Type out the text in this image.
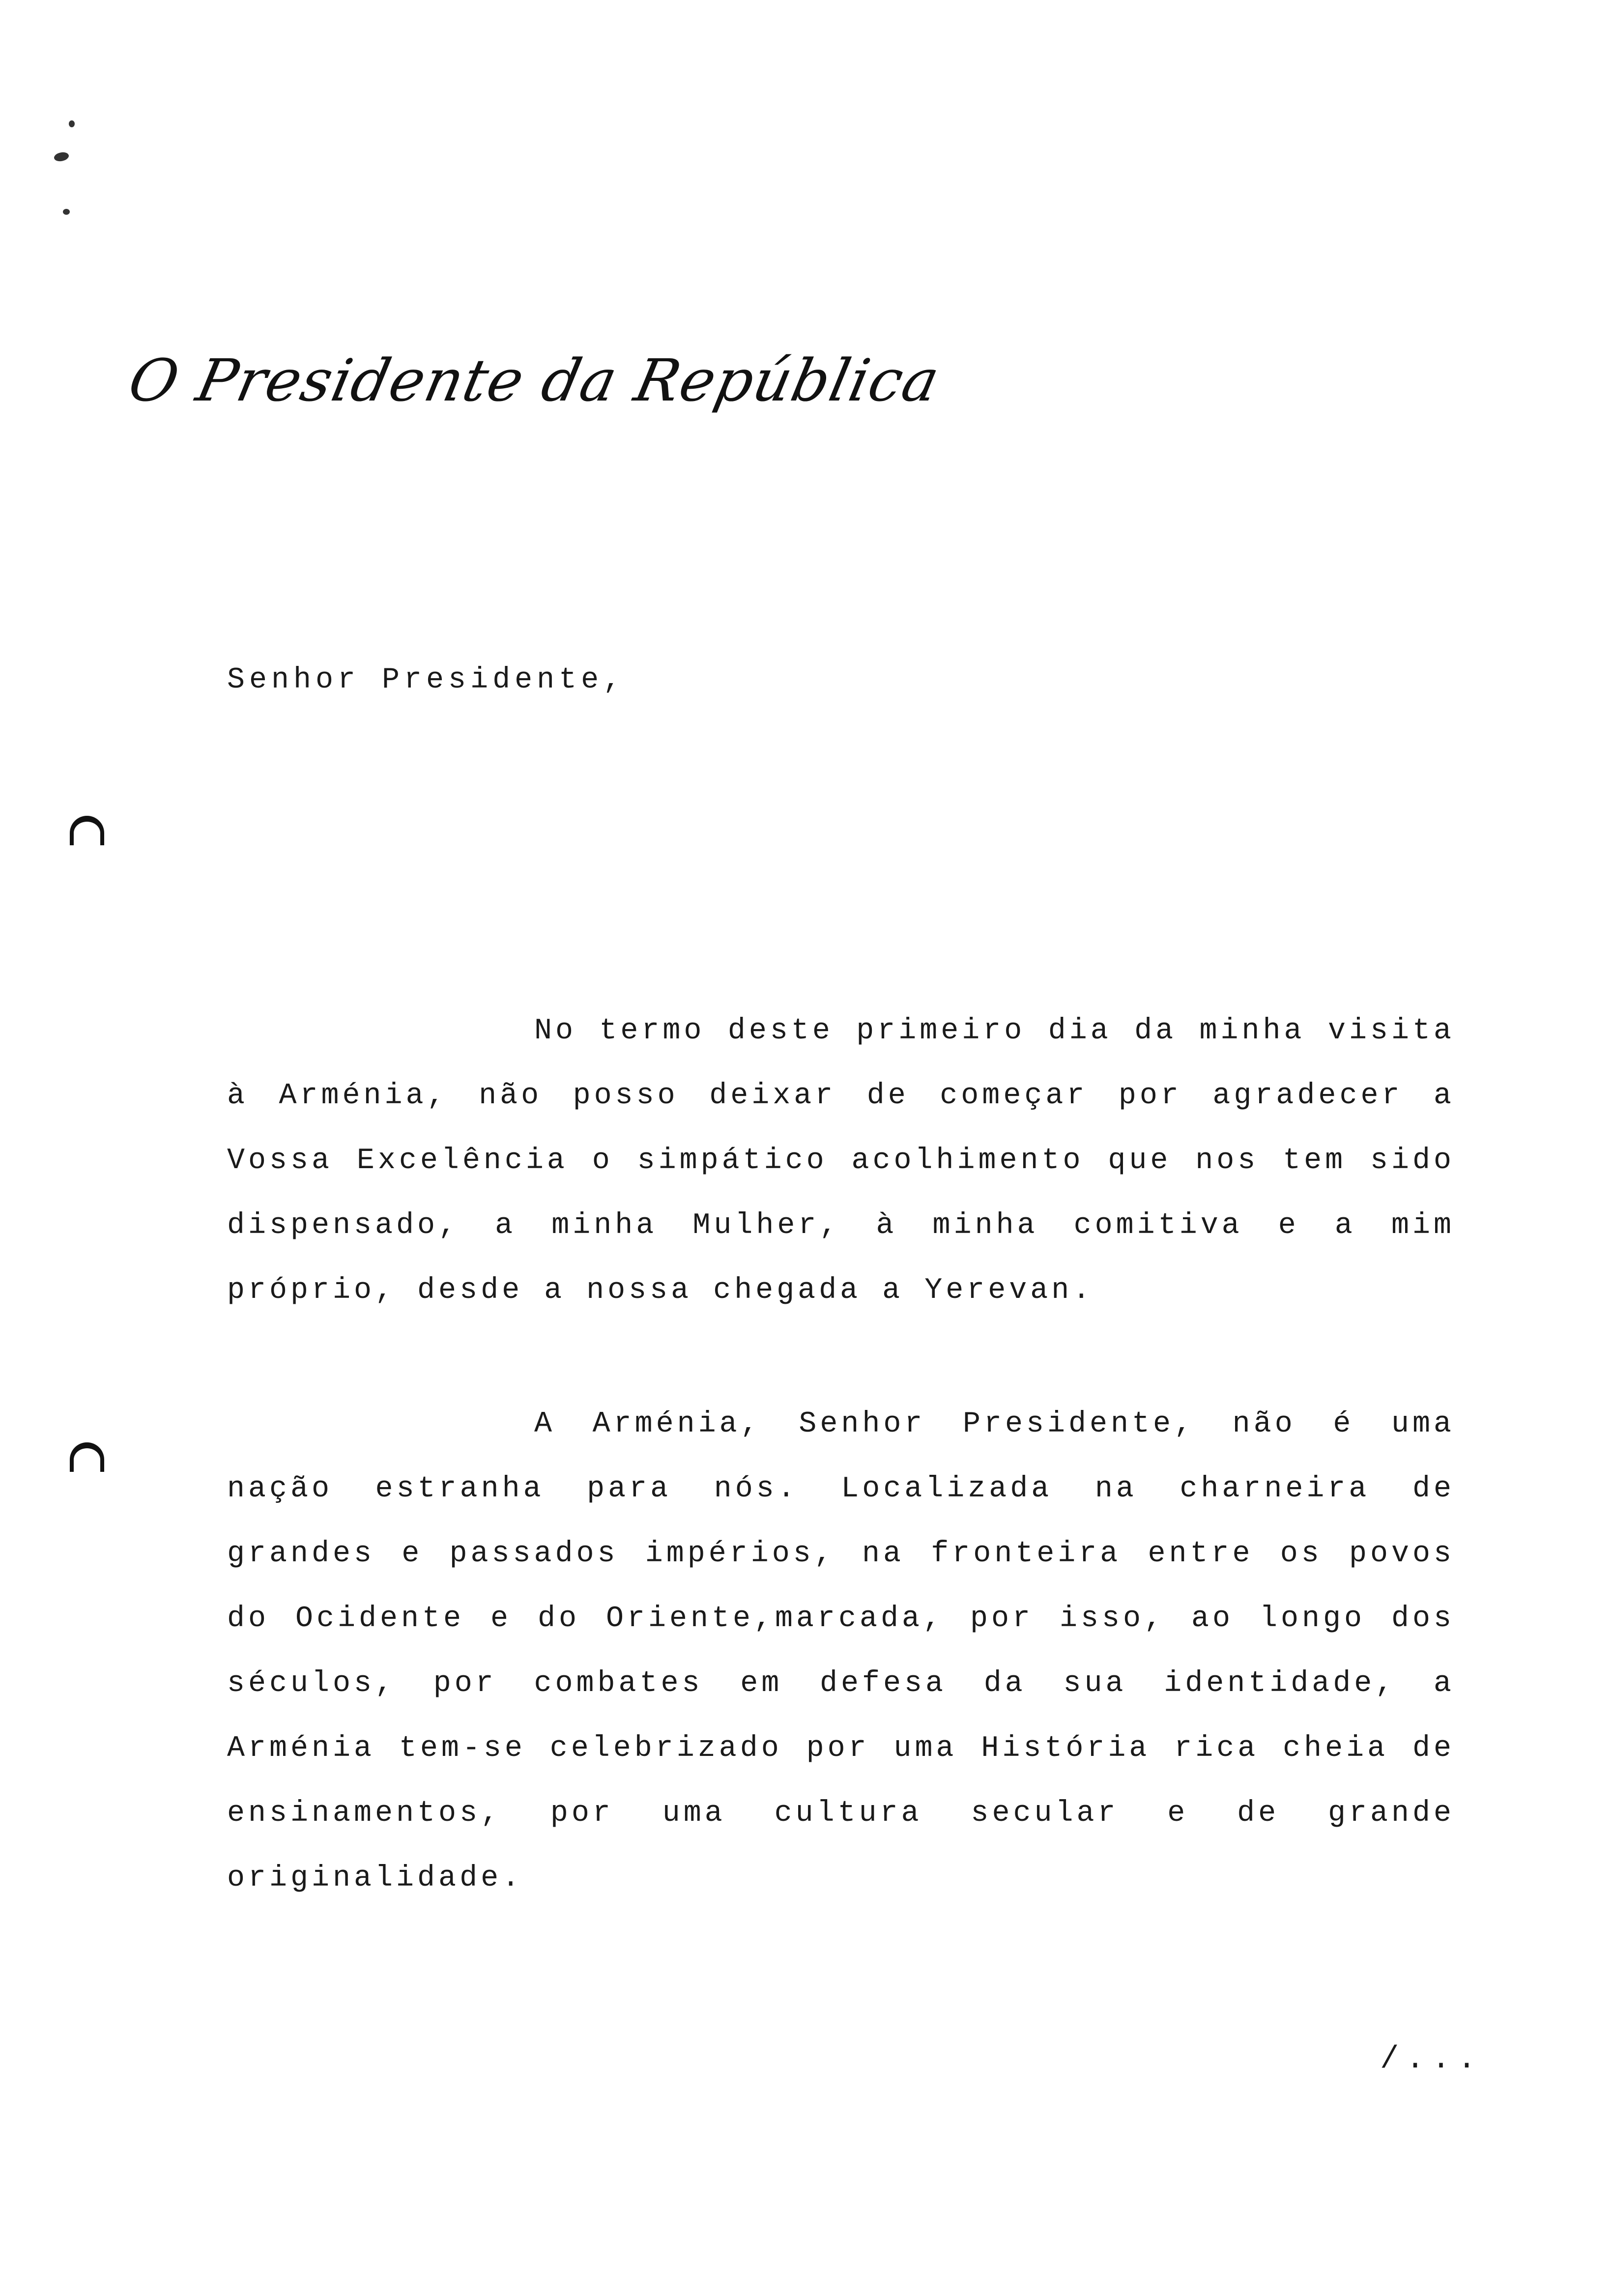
O Presidente da República
Senhor Presidente,
No termo deste primeiro dia da minha visita à Arménia, não posso deixar de começar por agradecer a Vossa Excelência o simpático acolhimento que nos tem sido dispensado, a minha Mulher, à minha comitiva e a mim próprio, desde a nossa chegada a Yerevan.
A Arménia, Senhor Presidente, não é uma nação estranha para nós. Localizada na charneira de grandes e passados impérios, na fronteira entre os povos do Ocidente e do Oriente,marcada, por isso, ao longo dos séculos, por combates em defesa da sua identidade, a Arménia tem-se celebrizado por uma História rica cheia de ensinamentos, por uma cultura secular e de grande originalidade.
/...
